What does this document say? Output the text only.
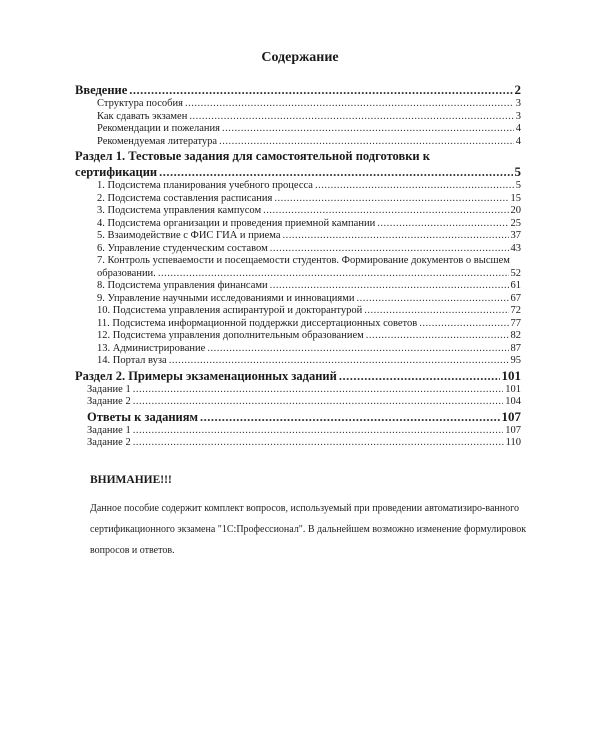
Содержание
Введение .....	2
Структура пособия .....	3
Как сдавать экзамен .....	3
Рекомендации и пожелания .....	4
Рекомендуемая литература .....	4
Раздел 1. Тестовые задания для самостоятельной подготовки к
сертификации .....	5
1. Подсистема планирования учебного процесса .....	5
2. Подсистема составления расписания .....	15
3. Подсистема управления кампусом .....	20
4. Подсистема организации и проведения приемной кампании .....	25
5. Взаимодействие с ФИС ГИА и приема .....	37
6. Управление студенческим составом .....	43
7. Контроль успеваемости и посещаемости студентов. Формирование документов о высшем
образовании. .....	52
8. Подсистема управления финансами .....	61
9. Управление научными исследованиями и инновациями .....	67
10. Подсистема управления аспирантурой и докторантурой .....	72
11. Подсистема информационной поддержки диссертационных советов .....	77
12. Подсистема управления дополнительным образованием .....	82
13. Администрирование .....	87
14. Портал вуза .....	95
Раздел 2. Примеры экзаменационных заданий .....	101
Задание 1 .....	101
Задание 2 .....	104
Ответы к заданиям .....	107
Задание 1 .....	107
Задание 2 .....	110
ВНИМАНИЕ!!!
Данное пособие содержит комплект вопросов, используемый при проведении автоматизиро-ванного сертификационного экзамена "1С:Профессионал". В дальнейшем возможно изменение формулировок вопросов и ответов.
